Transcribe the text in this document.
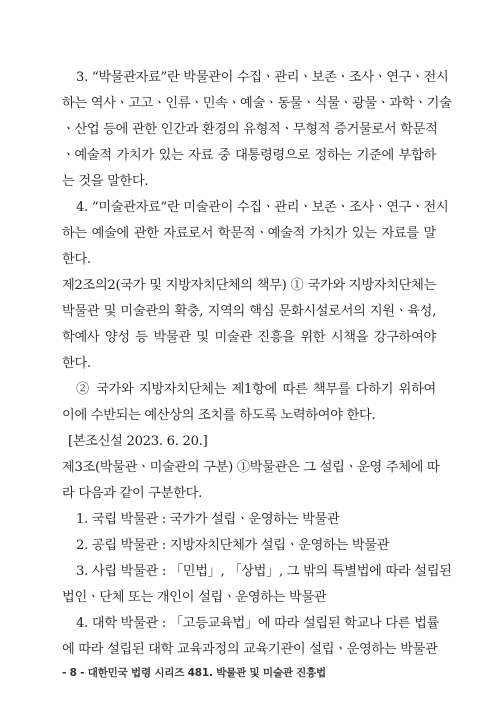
3. “박물관자료”란 박물관이 수집ㆍ관리ㆍ보존ㆍ조사ㆍ연구ㆍ전시
하는 역사ㆍ고고ㆍ인류ㆍ민속ㆍ예술ㆍ동물ㆍ식물ㆍ광물ㆍ과학ㆍ기술
ㆍ산업 등에 관한 인간과 환경의 유형적ㆍ무형적 증거물로서 학문적
ㆍ예술적 가치가 있는 자료 중 대통령령으로 정하는 기준에 부합하
는 것을 말한다.
4. “미술관자료”란 미술관이 수집ㆍ관리ㆍ보존ㆍ조사ㆍ연구ㆍ전시
하는 예술에 관한 자료로서 학문적ㆍ예술적 가치가 있는 자료를 말
한다.
제2조의2(국가 및 지방자치단체의 책무) ① 국가와 지방자치단체는
박물관 및 미술관의 확충, 지역의 핵심 문화시설로서의 지원ㆍ육성,
학예사 양성 등 박물관 및 미술관 진흥을 위한 시책을 강구하여야
한다.
② 국가와 지방자치단체는 제1항에 따른 책무를 다하기 위하여
이에 수반되는 예산상의 조치를 하도록 노력하여야 한다.
[본조신설 2023. 6. 20.]
제3조(박물관ㆍ미술관의 구분) ①박물관은 그 설립ㆍ운영 주체에 따
라 다음과 같이 구분한다.
1. 국립 박물관 : 국가가 설립ㆍ운영하는 박물관
2. 공립 박물관 : 지방자치단체가 설립ㆍ운영하는 박물관
3. 사립 박물관 : 「민법」, 「상법」, 그 밖의 특별법에 따라 설립된
법인ㆍ단체 또는 개인이 설립ㆍ운영하는 박물관
4. 대학 박물관 : 「고등교육법」에 따라 설립된 학교나 다른 법률
에 따라 설립된 대학 교육과정의 교육기관이 설립ㆍ운영하는 박물관
- 8 - 대한민국 법령 시리즈 481. 박물관 및 미술관 진흥법
